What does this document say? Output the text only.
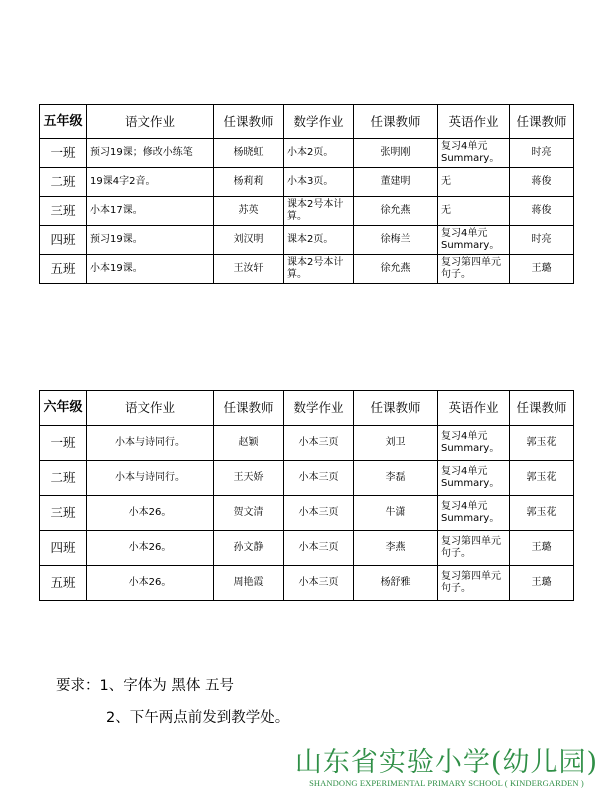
五年级	语文作业	任课教师	数学作业	任课教师	英语作业	任课教师
一班	预习19课；修改小练笔	杨晓虹	小本2页。	张明刚	复习4单元 Summary。	时亮
二班	19课4字2音。	杨莉莉	小本3页。	董建明	无	蒋俊
三班	小本17课。	苏英	课本2号本计算。	徐允燕	无	蒋俊
四班	预习19课。	刘汉明	课本2页。	徐梅兰	复习4单元 Summary。	时亮
五班	小本19课。	王汝轩	课本2号本计算。	徐允燕	复习第四单元句子。	王璐
六年级	语文作业	任课教师	数学作业	任课教师	英语作业	任课教师
一班	小本与诗同行。	赵颖	小本三页	刘卫	复习4单元 Summary。	郭玉花
二班	小本与诗同行。	王天娇	小本三页	李磊	复习4单元 Summary。	郭玉花
三班	小本26。	贺文清	小本三页	牛潇	复习4单元 Summary。	郭玉花
四班	小本26。	孙文静	小本三页	李燕	复习第四单元句子。	王璐
五班	小本26。	周艳霞	小本三页	杨舒雅	复习第四单元句子。	王璐
要求：1、字体为 黑体 五号
2、下午两点前发到教学处。
山东省实验小学(幼儿园)
SHANDONG EXPERIMENTAL PRIMARY SCHOOL ( KINDERGARDEN )
